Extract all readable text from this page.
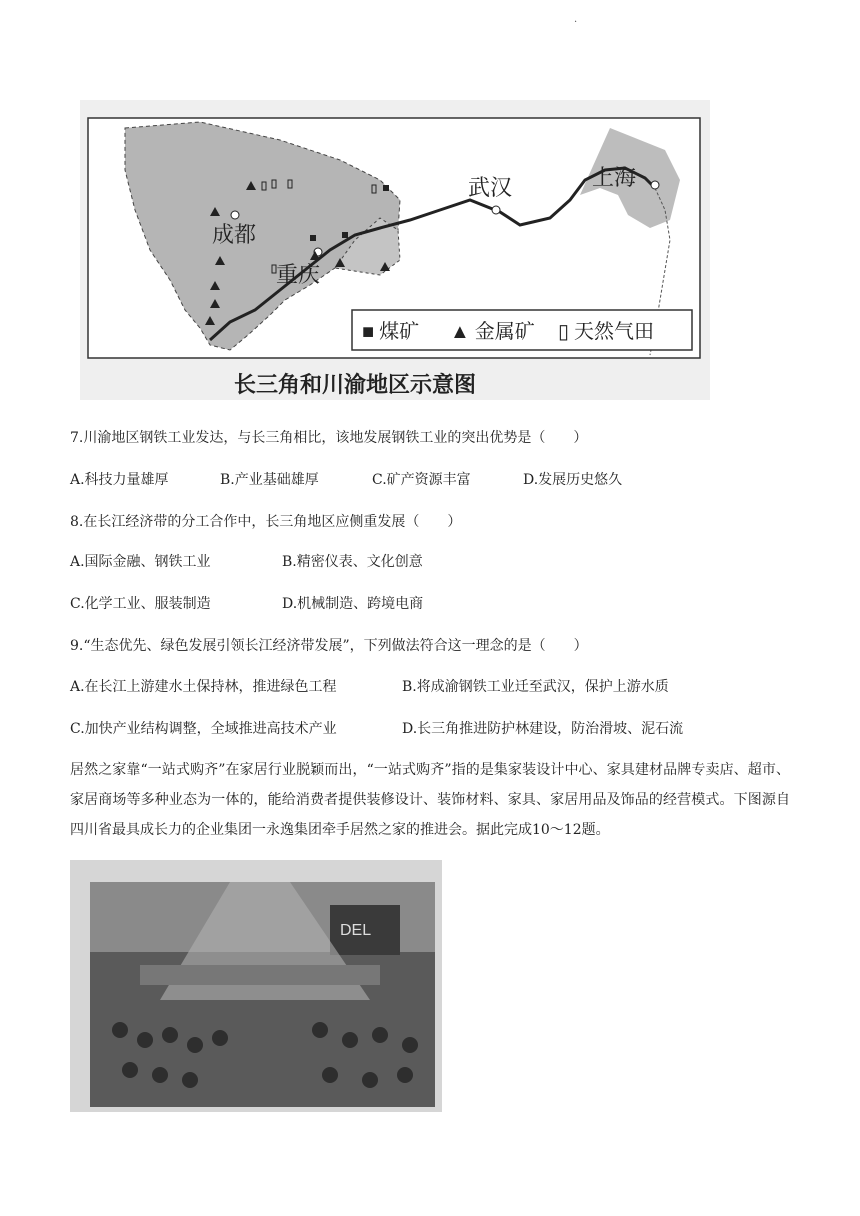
.
成都
重庆
武汉	上海
■ 煤矿 ▲ 金属矿 ▯ 天然气田
长三角和川渝地区示意图
7.川渝地区钢铁工业发达，与长三角相比，该地发展钢铁工业的突出优势是（　　）
A.科技力量雄厚	B.产业基础雄厚	C.矿产资源丰富	D.发展历史悠久
8.在长江经济带的分工合作中，长三角地区应侧重发展（　　）
A.国际金融、钢铁工业	B.精密仪表、文化创意
C.化学工业、服装制造	D.机械制造、跨境电商
9.“生态优先、绿色发展引领长江经济带发展”，下列做法符合这一理念的是（　　）
A.在长江上游建水土保持林，推进绿色工程	B.将成渝钢铁工业迁至武汉，保护上游水质
C.加快产业结构调整，全域推进高技术产业	D.长三角推进防护林建设，防治滑坡、泥石流
居然之家靠“一站式购齐”在家居行业脱颖而出，“一站式购齐”指的是集家装设计中心、家具建材品牌专卖店、超市、家居商场等多种业态为一体的，能给消费者提供装修设计、装饰材料、家具、家居用品及饰品的经营模式。下图源自四川省最具成长力的企业集团一永逸集团牵手居然之家的推进会。据此完成10～12题。
DEL
